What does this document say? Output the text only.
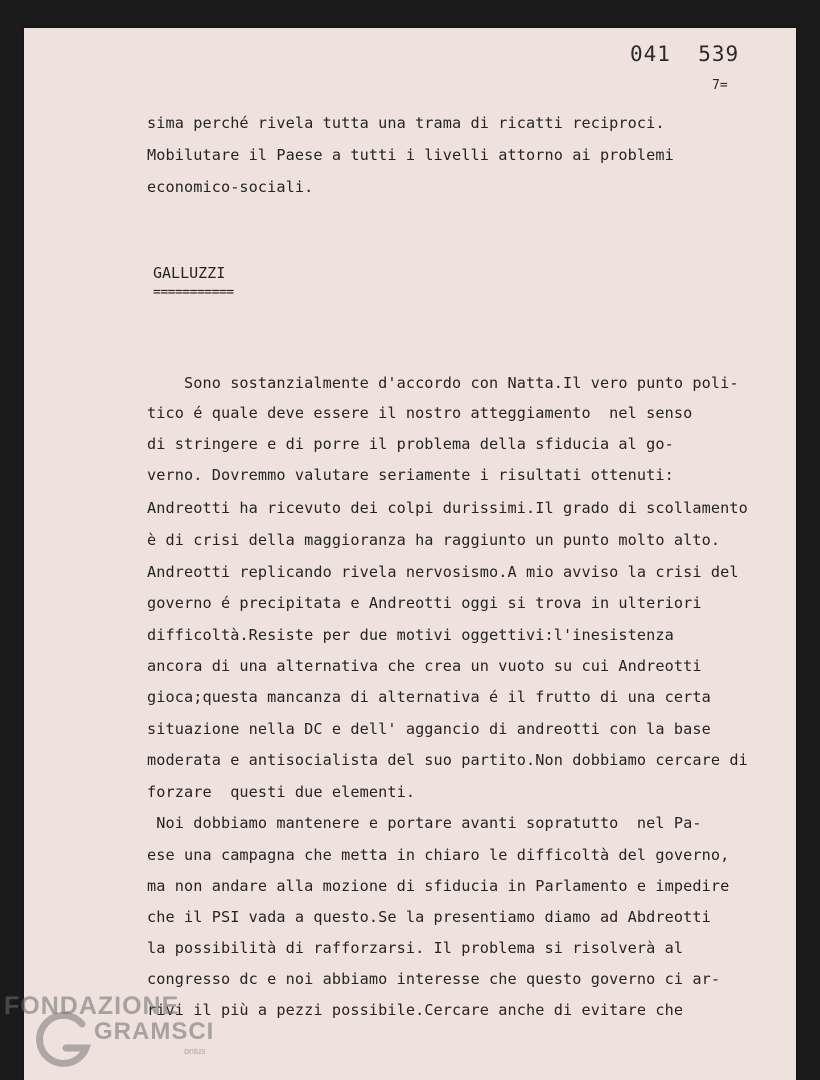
041  539
7=
sima perché rivela tutta una trama di ricatti reciproci.
Mobilutare il Paese a tutti i livelli attorno ai problemi
economico-sociali.
GALLUZZI
===========
Sono sostanzialmente d'accordo con Natta.Il vero punto poli-
tico é quale deve essere il nostro atteggiamento  nel senso
di stringere e di porre il problema della sfiducia al go-
verno. Dovremmo valutare seriamente i risultati ottenuti:
Andreotti ha ricevuto dei colpi durissimi.Il grado di scollamento
è di crisi della maggioranza ha raggiunto un punto molto alto.
Andreotti replicando rivela nervosismo.A mio avviso la crisi del
governo é precipitata e Andreotti oggi si trova in ulteriori
difficoltà.Resiste per due motivi oggettivi:l'inesistenza
ancora di una alternativa che crea un vuoto su cui Andreotti
gioca;questa mancanza di alternativa é il frutto di una certa
situazione nella DC e dell' aggancio di andreotti con la base
moderata e antisocialista del suo partito.Non dobbiamo cercare di
forzare  questi due elementi.
Noi dobbiamo mantenere e portare avanti sopratutto  nel Pa-
ese una campagna che metta in chiaro le difficoltà del governo,
ma non andare alla mozione di sfiducia in Parlamento e impedire
che il PSI vada a questo.Se la presentiamo diamo ad Abdreotti
la possibilità di rafforzarsi. Il problema si risolverà al
congresso dc e noi abbiamo interesse che questo governo ci ar-
rivi il più a pezzi possibile.Cercare anche di evitare che
FONDAZIONE
GRAMSCI
onlus
